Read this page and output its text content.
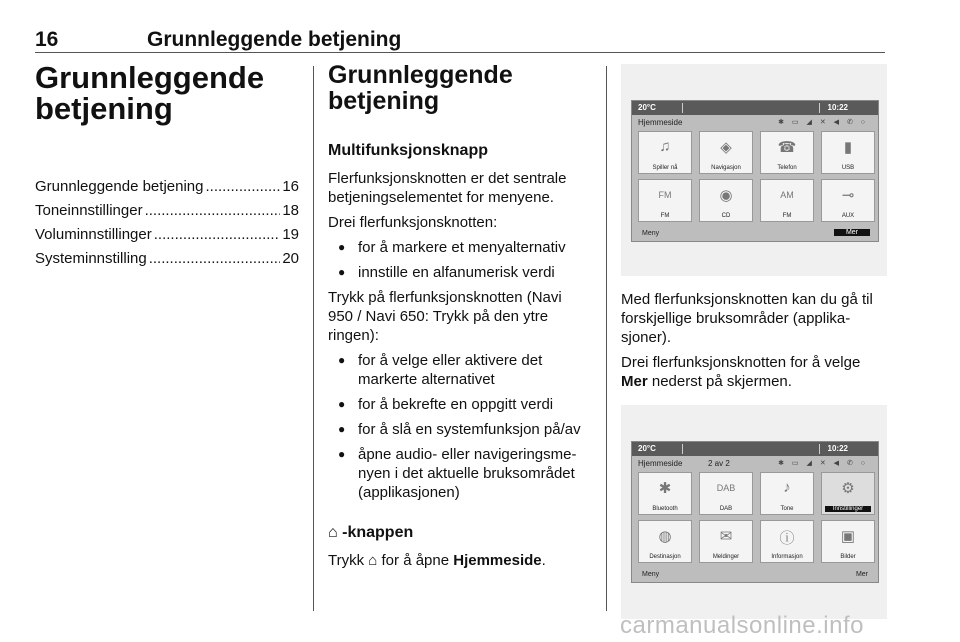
16	Grunnleggende betjening
Grunnleggende
betjening
Grunnleggende betjening .....	16
Toneinnstillinger .....	18
Voluminnstillinger .....	19
Systeminnstilling .....	20
Grunnleggende
betjening
Multifunksjonsknapp

Flerfunksjonsknotten er det sentrale betjeningselementet for menyene.

Drei flerfunksjonsknotten:

● for å markere et menyalternativ
● innstille en alfanumerisk verdi

Trykk på flerfunksjonsknotten (Navi 950 / Navi 650: Trykk på den ytre ringen):

● for å velge eller aktivere det markerte alternativet
● for å bekrefte en oppgitt verdi
● for å slå en systemfunksjon på/av
● åpne audio- eller navigeringsme-nyen i det aktuelle bruksområdet (applikasjonen)
⌂ -knappen

Trykk ⌂ for å åpne Hjemmeside.

20°C	10:22
Hjemmeside	✱ ▭ ◢ ✕ ◀ ✆ ○
♫
Spiller nå
◈
Navigasjon
☎
Telefon
▮
USB
FM
FM
◉
CD
AM
FM
⊸
AUX
Meny	Mer

Med flerfunksjonsknotten kan du gå til forskjellige bruksområder (applika-sjoner).

Drei flerfunksjonsknotten for å velge Mer nederst på skjermen.

20°C	10:22
Hjemmeside	2 av 2	✱ ▭ ◢ ✕ ◀ ✆ ○
✱
Bluetooth
DAB
DAB
♪
Tone
⚙
Innstillinger
◍
Destinasjon
✉
Meldinger
ⓘ
Informasjon
▣
Bilder
Meny	Mer
carmanualsonline.info
